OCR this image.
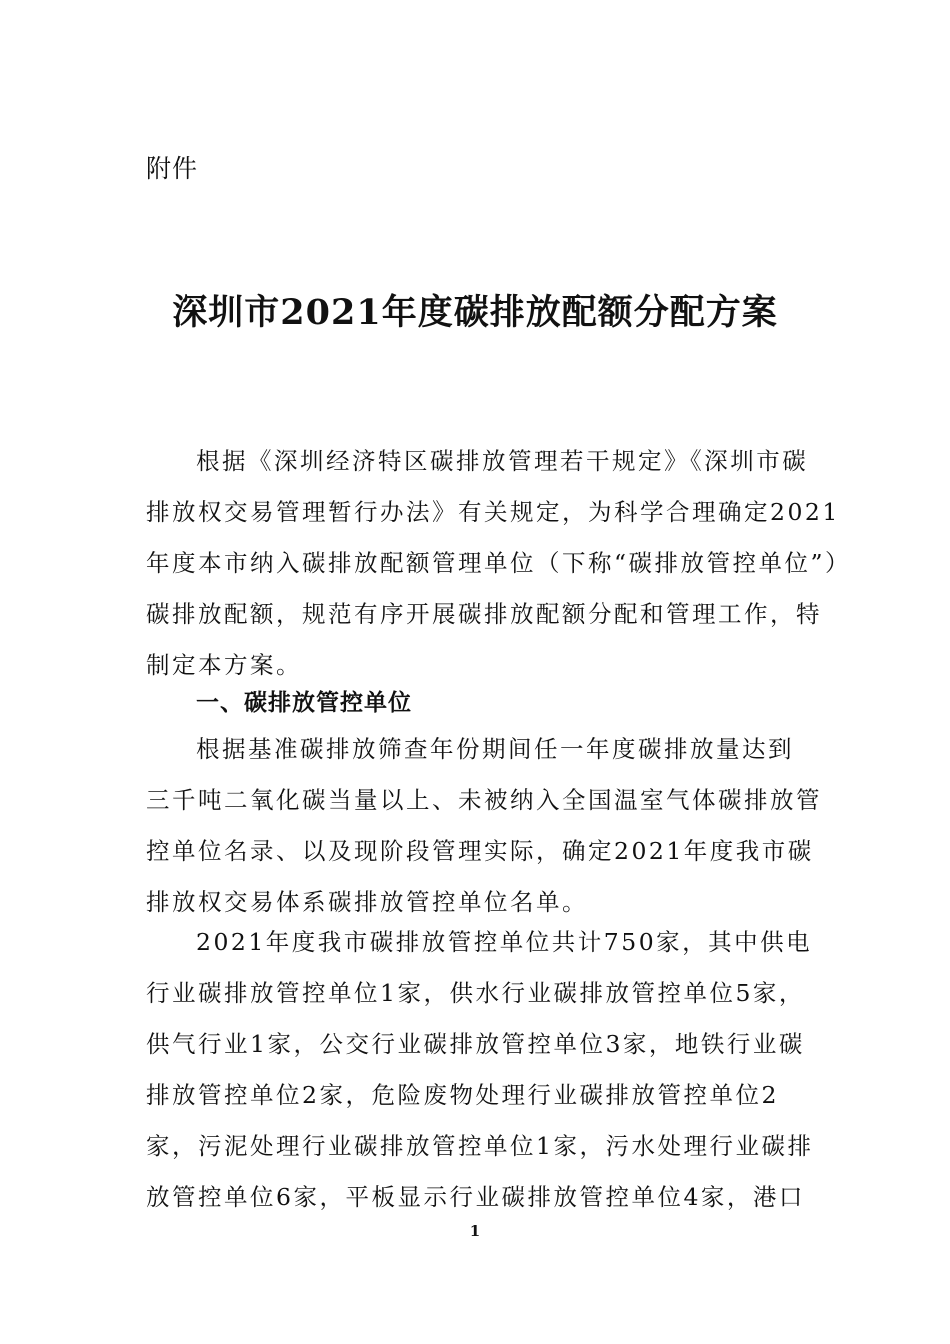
附件
深圳市2021年度碳排放配额分配方案

根据《深圳经济特区碳排放管理若干规定》《深圳市碳
排放权交易管理暂行办法》有关规定，为科学合理确定2021
年度本市纳入碳排放配额管理单位（下称“碳排放管控单位”）
碳排放配额，规范有序开展碳排放配额分配和管理工作，特
制定本方案。

一、碳排放管控单位

根据基准碳排放筛查年份期间任一年度碳排放量达到
三千吨二氧化碳当量以上、未被纳入全国温室气体碳排放管
控单位名录、以及现阶段管理实际，确定2021年度我市碳
排放权交易体系碳排放管控单位名单。

2021年度我市碳排放管控单位共计750家，其中供电
行业碳排放管控单位1家，供水行业碳排放管控单位5家，
供气行业1家，公交行业碳排放管控单位3家，地铁行业碳
排放管控单位2家，危险废物处理行业碳排放管控单位2
家，污泥处理行业碳排放管控单位1家，污水处理行业碳排
放管控单位6家，平板显示行业碳排放管控单位4家，港口

1
